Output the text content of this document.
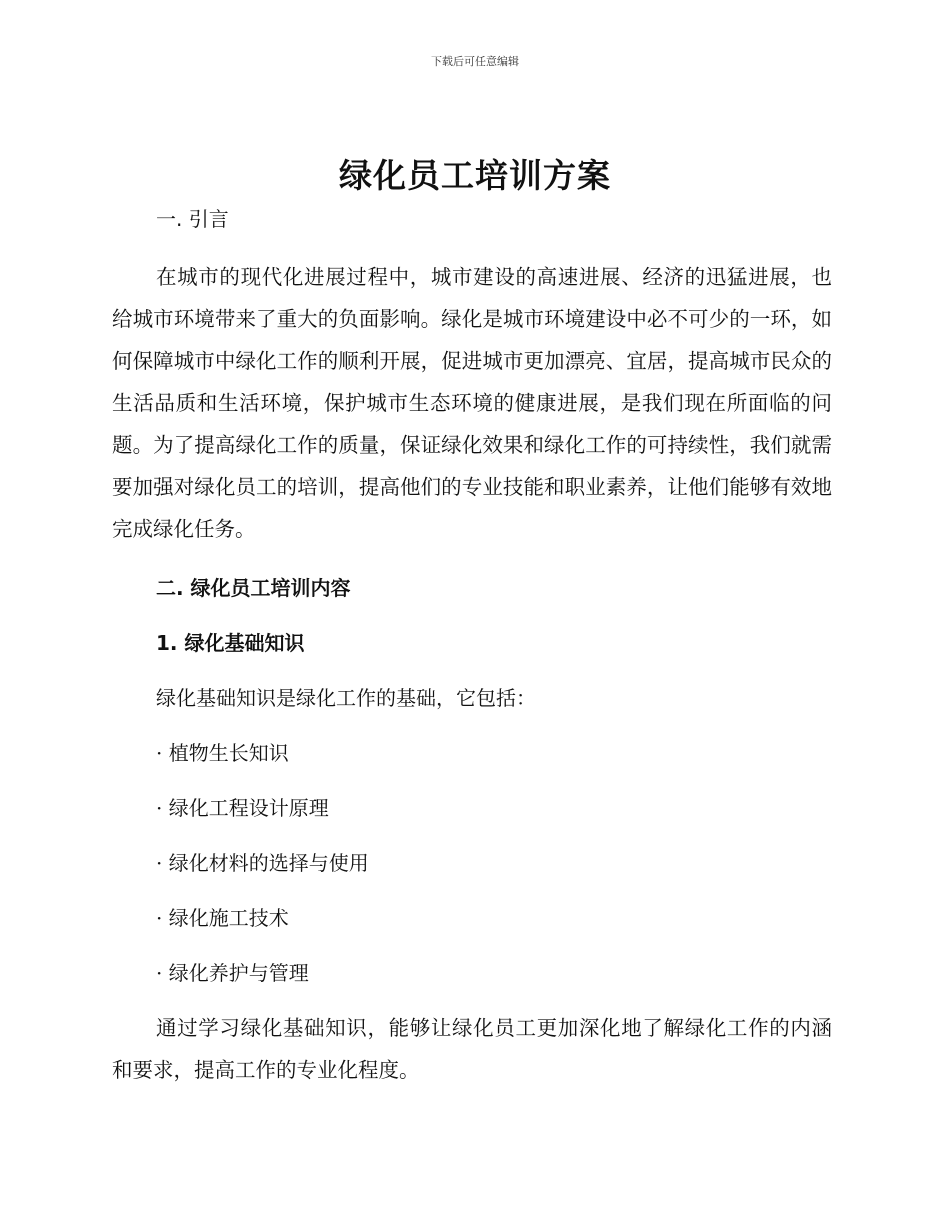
下载后可任意编辑
绿化员工培训方案

一. 引言

在城市的现代化进展过程中，城市建设的高速进展、经济的迅猛进展，也给城市环境带来了重大的负面影响。绿化是城市环境建设中必不可少的一环，如何保障城市中绿化工作的顺利开展，促进城市更加漂亮、宜居，提高城市民众的生活品质和生活环境，保护城市生态环境的健康进展，是我们现在所面临的问题。为了提高绿化工作的质量，保证绿化效果和绿化工作的可持续性，我们就需要加强对绿化员工的培训，提高他们的专业技能和职业素养，让他们能够有效地完成绿化任务。

二. 绿化员工培训内容

1. 绿化基础知识

绿化基础知识是绿化工作的基础，它包括：

· 植物生长知识

· 绿化工程设计原理

· 绿化材料的选择与使用

· 绿化施工技术

· 绿化养护与管理

通过学习绿化基础知识，能够让绿化员工更加深化地了解绿化工作的内涵和要求，提高工作的专业化程度。
